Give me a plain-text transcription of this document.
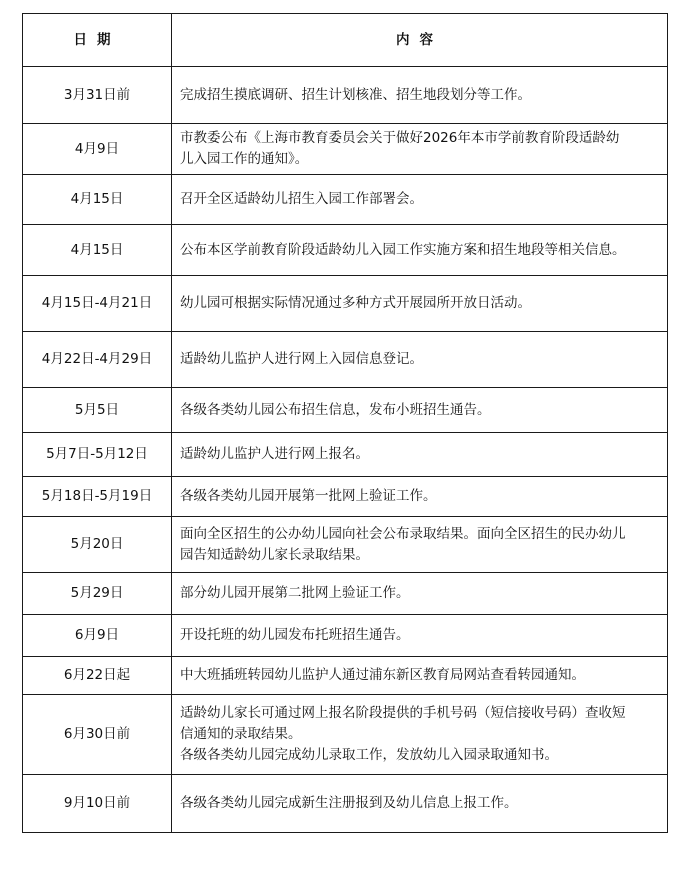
日期	内容
3月31日前	完成招生摸底调研、招生计划核准、招生地段划分等工作。

4月9日	市教委公布《上海市教育委员会关于做好2026年本市学前教育阶段适龄幼
儿入园工作的通知》。

4月15日	召开全区适龄幼儿招生入园工作部署会。

4月15日	公布本区学前教育阶段适龄幼儿入园工作实施方案和招生地段等相关信息。

4月15日-4月21日	幼儿园可根据实际情况通过多种方式开展园所开放日活动。

4月22日-4月29日	适龄幼儿监护人进行网上入园信息登记。

5月5日	各级各类幼儿园公布招生信息，发布小班招生通告。

5月7日-5月12日	适龄幼儿监护人进行网上报名。

5月18日-5月19日	各级各类幼儿园开展第一批网上验证工作。

5月20日	面向全区招生的公办幼儿园向社会公布录取结果。面向全区招生的民办幼儿
园告知适龄幼儿家长录取结果。

5月29日	部分幼儿园开展第二批网上验证工作。

6月9日	开设托班的幼儿园发布托班招生通告。

6月22日起	中大班插班转园幼儿监护人通过浦东新区教育局网站查看转园通知。

6月30日前	适龄幼儿家长可通过网上报名阶段提供的手机号码（短信接收号码）查收短
信通知的录取结果。
各级各类幼儿园完成幼儿录取工作，发放幼儿入园录取通知书。

9月10日前	各级各类幼儿园完成新生注册报到及幼儿信息上报工作。
